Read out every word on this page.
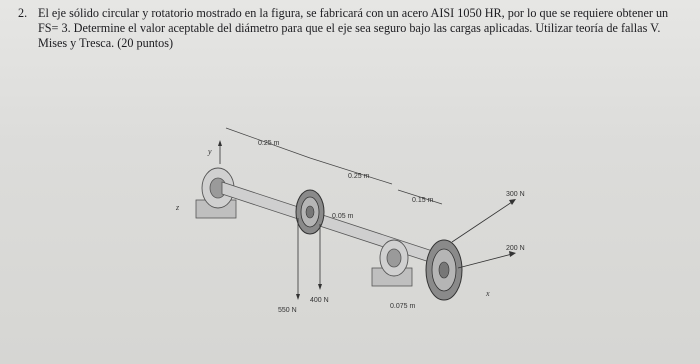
2. El eje sólido circular y rotatorio mostrado en la figura, se fabricará con un acero AISI 1050 HR, por lo que se requiere obtener un FS= 3. Determine el valor aceptable del diámetro para que el eje sea seguro bajo las cargas aplicadas. Utilizar teoría de fallas V. Mises y Tresca. (20 puntos)
y
z
x
0.25 m
0.25 m
0.15 m
0.05 m
550 N
400 N
0.075 m
300 N
200 N
